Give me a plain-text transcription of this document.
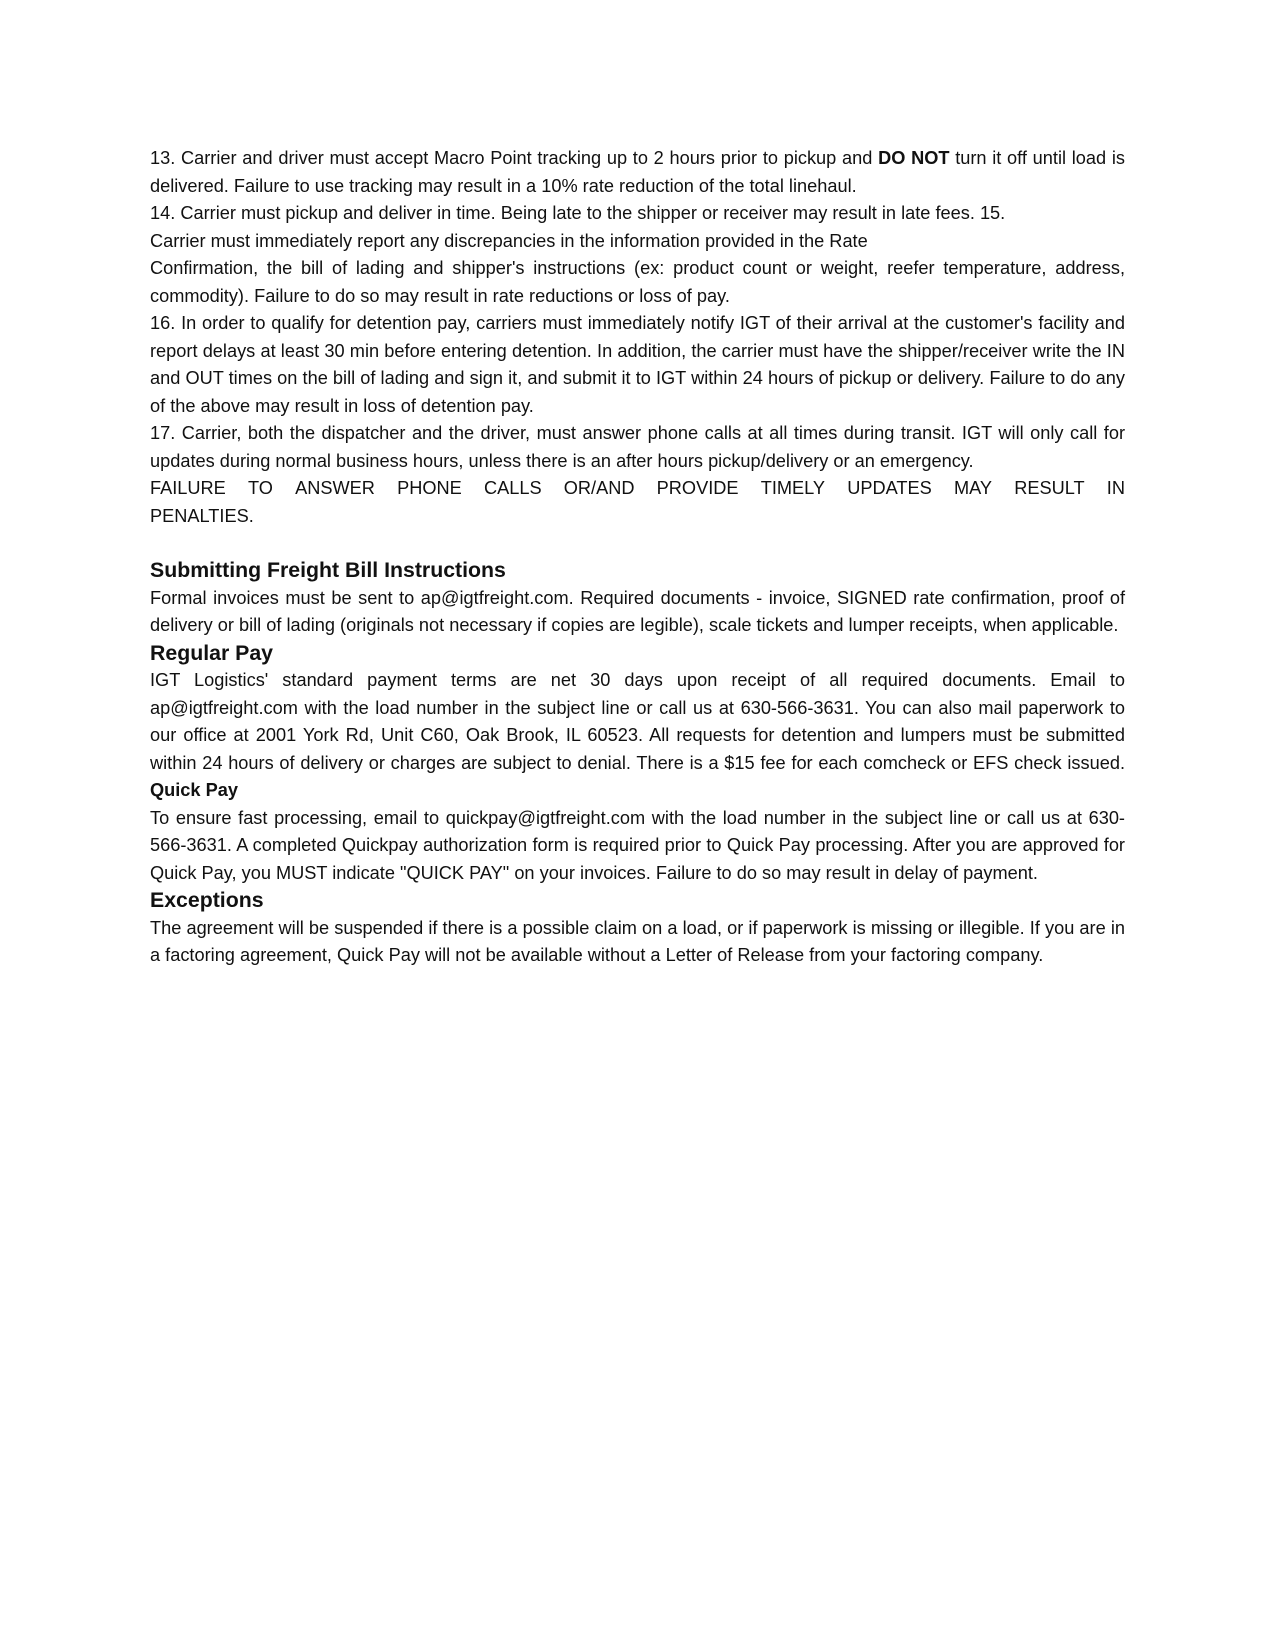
13. Carrier and driver must accept Macro Point tracking up to 2 hours prior to pickup and DO NOT turn it off until load is delivered. Failure to use tracking may result in a 10% rate reduction of the total linehaul.

14. Carrier must pickup and deliver in time. Being late to the shipper or receiver may result in late fees. 15.
Carrier must immediately report any discrepancies in the information provided in the Rate

Confirmation, the bill of lading and shipper's instructions (ex: product count or weight, reefer temperature, address, commodity). Failure to do so may result in rate reductions or loss of pay.

16. In order to qualify for detention pay, carriers must immediately notify IGT of their arrival at the customer's facility and report delays at least 30 min before entering detention. In addition, the carrier must have the shipper/receiver write the IN and OUT times on the bill of lading and sign it, and submit it to IGT within 24 hours of pickup or delivery. Failure to do any of the above may result in loss of detention pay.

17. Carrier, both the dispatcher and the driver, must answer phone calls at all times during transit. IGT will only call for updates during normal business hours, unless there is an after hours pickup/delivery or an emergency.

FAILURE TO ANSWER PHONE CALLS OR/AND PROVIDE TIMELY UPDATES MAY RESULT IN
PENALTIES.
Submitting Freight Bill Instructions

Formal invoices must be sent to ap@igtfreight.com. Required documents - invoice, SIGNED rate confirmation, proof of delivery or bill of lading (originals not necessary if copies are legible), scale tickets and lumper receipts, when applicable.

Regular Pay

IGT Logistics' standard payment terms are net 30 days upon receipt of all required documents. Email to ap@igtfreight.com with the load number in the subject line or call us at 630-566-3631. You can also mail paperwork to our office at 2001 York Rd, Unit C60, Oak Brook, IL 60523. All requests for detention and lumpers must be submitted within 24 hours of delivery or charges are subject to denial. There is a $15 fee for each comcheck or EFS check issued. Quick Pay

To ensure fast processing, email to quickpay@igtfreight.com with the load number in the subject line or call us at 630-566-3631. A completed Quickpay authorization form is required prior to Quick Pay processing. After you are approved for Quick Pay, you MUST indicate "QUICK PAY" on your invoices. Failure to do so may result in delay of payment.

Exceptions

The agreement will be suspended if there is a possible claim on a load, or if paperwork is missing or illegible. If you are in a factoring agreement, Quick Pay will not be available without a Letter of Release from your factoring company.
